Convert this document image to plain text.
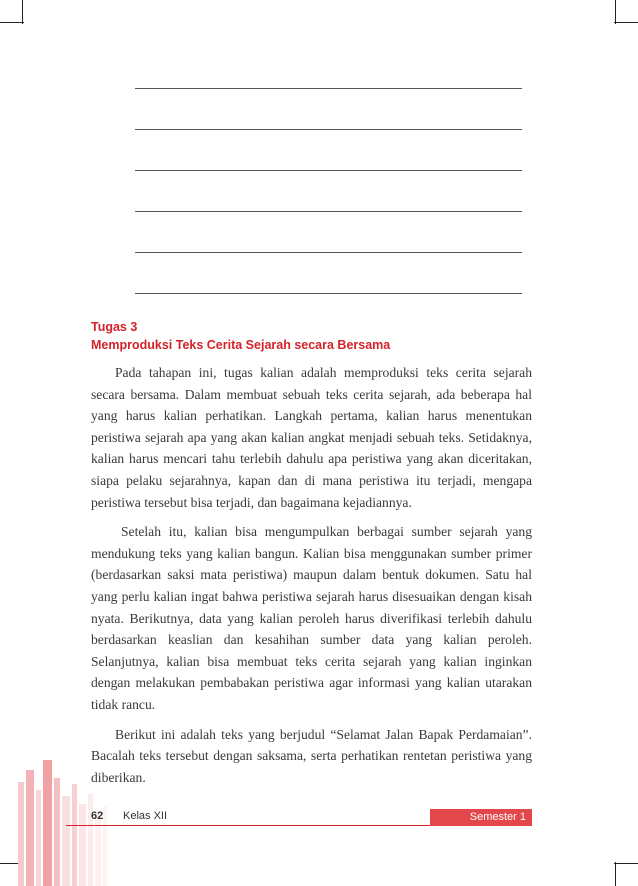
Tugas 3
Memproduksi Teks Cerita Sejarah secara Bersama

Pada tahapan ini, tugas kalian adalah memproduksi teks cerita sejarah secara bersama. Dalam membuat sebuah teks cerita sejarah, ada beberapa hal yang harus kalian perhatikan. Langkah pertama, kalian harus menentukan peristiwa sejarah apa yang akan kalian angkat menjadi sebuah teks. Setidaknya, kalian harus mencari tahu terlebih dahulu apa peristiwa yang akan diceritakan, siapa pelaku sejarahnya, kapan dan di mana peristiwa itu terjadi, mengapa peristiwa tersebut bisa terjadi, dan bagaimana kejadiannya.

Setelah itu, kalian bisa mengumpulkan berbagai sumber sejarah yang mendukung teks yang kalian bangun. Kalian bisa menggunakan sumber primer (berdasarkan saksi mata peristiwa) maupun dalam bentuk dokumen. Satu hal yang perlu kalian ingat bahwa peristiwa sejarah harus disesuaikan dengan kisah nyata. Berikutnya, data yang kalian peroleh harus diverifikasi terlebih dahulu berdasarkan keaslian dan kesahihan sumber data yang kalian peroleh. Selanjutnya, kalian bisa membuat teks cerita sejarah yang kalian inginkan dengan melakukan pembabakan peristiwa agar informasi yang kalian utarakan tidak rancu.

Berikut ini adalah teks yang berjudul “Selamat Jalan Bapak Perdamaian”. Bacalah teks tersebut dengan saksama, serta perhatikan rentetan peristiwa yang diberikan.

62 Kelas XII	Semester 1
